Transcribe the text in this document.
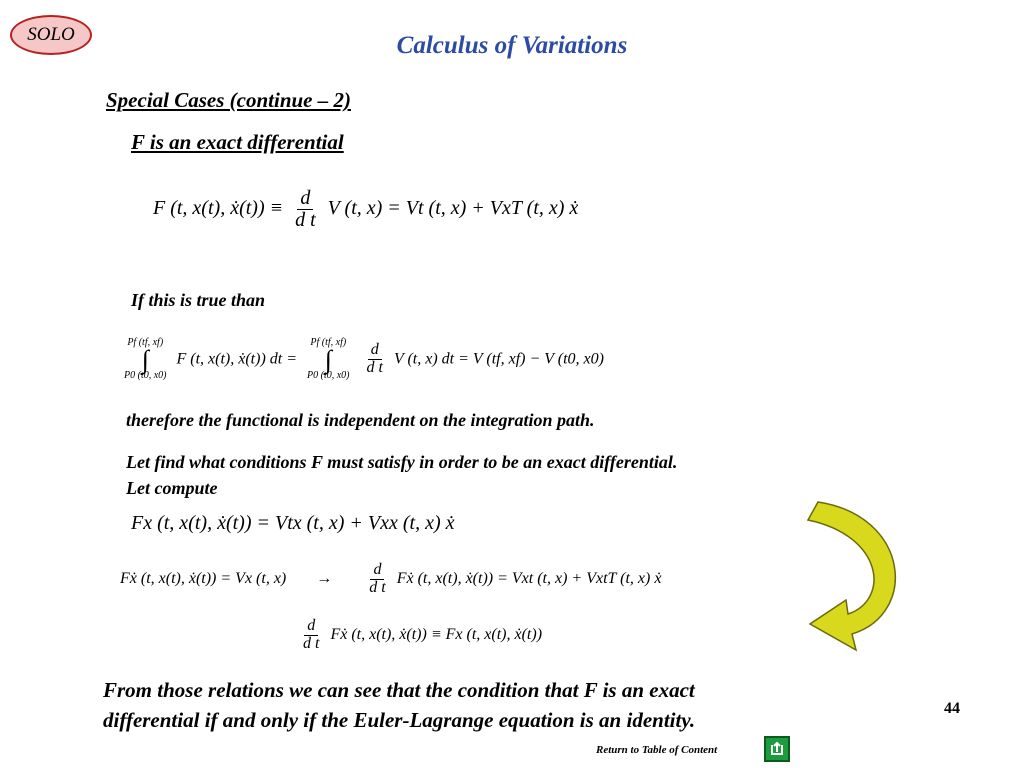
SOLO	Calculus of Variations
Special Cases (continue – 2)
F is an exact differential
F (t, x(t), ẋ(t)) ≡ $\frac{d}{\text{d t}}$ V (t, x) = Vt (t, x) + VxT (t, x) ẋ
If this is true than
Pf (tf, xf)
∫
P0 (t0, x0)
F (t, x(t), ẋ(t)) dt =
Pf (tf, xf)
∫
P0 (t0, x0)
$\frac{d}{\text{d t}}$ V (t, x) dt = V (tf, xf) − V (t0, x0)
therefore the functional is independent on the integration path.
Let find what conditions F must satisfy in order to be an exact differential.
Let compute
Fx (t, x(t), ẋ(t)) = Vtx (t, x) + Vxx (t, x) ẋ
Fẋ (t, x(t), ẋ(t)) = Vx (t, $x) \to \frac{d}{\text{d t}}$ Fẋ (t, x(t), ẋ(t)) = Vxt (t, x) + VxtT (t, x) ẋ
$\frac{d}{\text{d t}}$ Fẋ (t, x(t), ẋ(t)) ≡ Fx (t, x(t), ẋ(t))
From those relations we can see that the condition that F is an exact
differential if and only if the Euler-Lagrange equation is an identity.	44
Return to Table of Content
